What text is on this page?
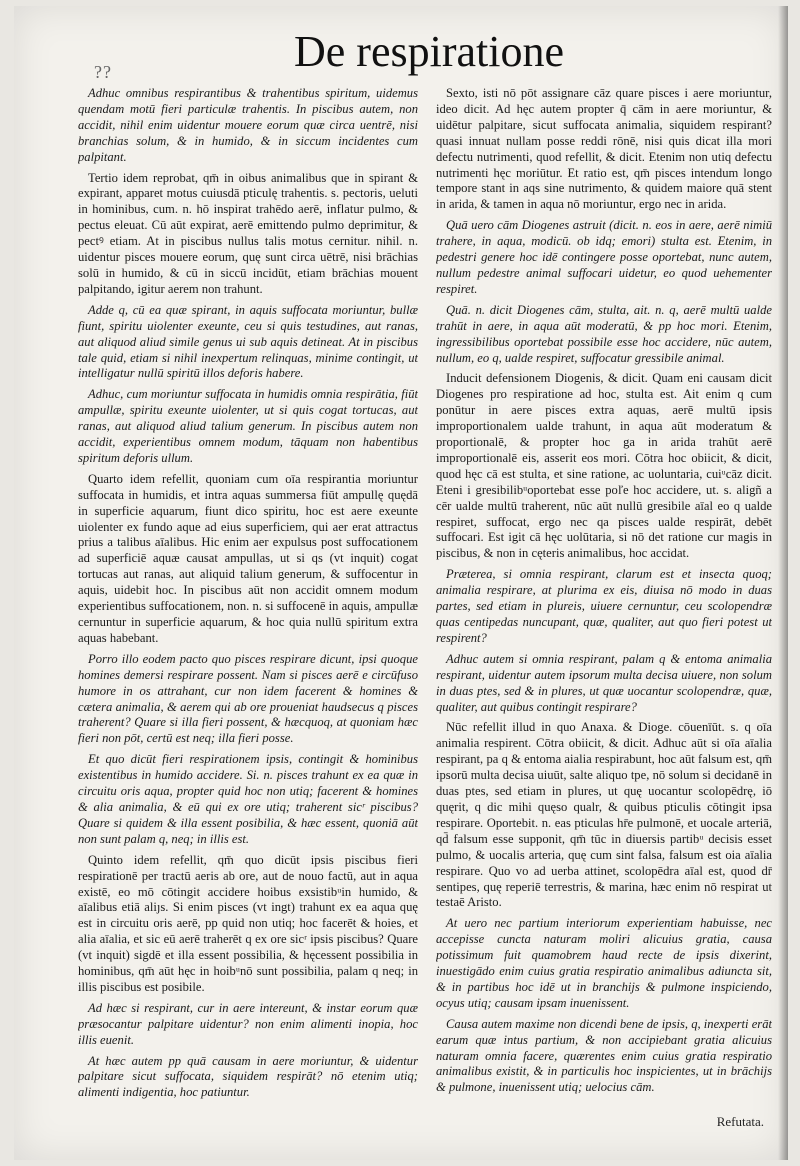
??	De respiratione

Adhuc omnibus respirantibus & trahentibus spiritum, uidemus quendam motū fieri particulæ trahentis. In piscibus autem, non accidit, nihil enim uidentur mouere eorum quæ circa uentrē, nisi branchias solum, & in humido, & in siccum incidentes cum palpitant.

Tertio idem reprobat, qm̄ in oibus animalibus que in spirant & expirant, apparet motus cuiusdā pticulę trahentis. s. pectoris, ueluti in hominibus, cum. n. hō inspirat trahēdo aerē, inflatur pulmo, & pectus eleuat. Cū aūt expirat, aerē emittendo pulmo deprimitur, & pectꝰ etiam. At in piscibus nullus talis motus cernitur. nihil. n. uidentur pisces mouere eorum, quę sunt circa uētrē, nisi brāchias solū in humido, & cū in siccū incidūt, etiam brāchias mouent palpitando, igitur aerem non trahunt.

Adde q, cū ea quæ spirant, in aquis suffocata moriuntur, bullæ fiunt, spiritu uiolenter exeunte, ceu si quis testudines, aut ranas, aut aliquod aliud simile genus ui sub aquis detineat. At in piscibus tale quid, etiam si nihil inexpertum relinquas, minime contingit, ut intelligatur nullū spiritū illos deforis habere.

Adhuc, cum moriuntur suffocata in humidis omnia respirātia, fiūt ampullæ, spiritu exeunte uiolenter, ut si quis cogat tortucas, aut ranas, aut aliquod aliud talium generum. In piscibus autem non accidit, experientibus omnem modum, tāquam non habentibus spiritum deforis ullum.

Quarto idem refellit, quoniam cum oīa respirantia moriuntur suffocata in humidis, et intra aquas summersa fiūt ampullę quędā in superficie aquarum, fiunt dico spiritu, hoc est aere exeunte uiolenter ex fundo aque ad eius superficiem, qui aer erat attractus prius a talibus aīalibus. Hic enim aer expulsus post suffocationem ad superficiē aquæ causat ampullas, ut si qs (vt inquit) cogat tortucas aut ranas, aut aliquid talium generum, & suffocentur in aquis, uidebit hoc. In piscibus aūt non accidit omnem modum experientibus suffocationem, non. n. si suffocenē in aquis, ampullæ cernuntur in superficie aquarum, & hoc quia nullū spiritum extra aquas habebant.

Porro illo eodem pacto quo pisces respirare dicunt, ipsi quoque homines demersi respirare possent. Nam si pisces aerē e circūfuso humore in os attrahant, cur non idem facerent & homines & cætera animalia, & aerem qui ab ore proueniat haudsecus q pisces traherent? Quare si illa fieri possent, & hæcquoq, at quoniam hæc fieri non pōt, certū est neq; illa fieri posse.

Et quo dicūt fieri respirationem ipsis, contingit & hominibus existentibus in humido accidere. Si. n. pisces trahunt ex ea quæ in circuitu oris aqua, propter quid hoc non utiq; facerent & homines & alia animalia, & eū qui ex ore utiq; traherent sicʳ piscibus? Quare si quidem & illa essent posibilia, & hæc essent, quoniā aūt non sunt palam q, neq; in illis est.

Quinto idem refellit, qm̄ quo dicūt ipsis piscibus fieri respirationē per tractū aeris ab ore, aut de nouo factū, aut in aqua existē, eo mō cōtingit accidere hoibus exsistibᵘin humido, & aīalibus etiā aliȷs. Si enim pisces (vt ingt) trahunt ex ea aqua quę est in circuitu oris aerē, pp quid non utiq; hoc facerēt & hoies, et alia aīalia, et sic eū aerē traherēt q ex ore sicʳ ipsis piscibus? Quare (vt inquit) sigdē et illa essent possibilia, & hęcessent possibilia in hominibus, qm̄ aūt hęc in hoibᵘnō sunt possibilia, palam q neq; in illis piscibus est posibile.

Ad hæc si respirant, cur in aere intereunt, & instar eorum quæ præsocantur palpitare uidentur? non enim alimenti inopia, hoc illis euenit.

At hæc autem pp quā causam in aere moriuntur, & uidentur palpitare sicut suffocata, siquidem respirāt? nō etenim utiq; alimenti indigentia, hoc patiuntur.

Sexto, isti nō pōt assignare cāz quare pisces i aere moriuntur, ideo dicit. Ad hęc autem propter q̄ cām in aere moriuntur, & uidētur palpitare, sicut suffocata animalia, siquidem respirant? quasi innuat nullam posse reddi rōnē, nisi quis dicat illa mori defectu nutrimenti, quod refellit, & dicit. Etenim non utiq defectu nutrimenti hęc moriūtur. Et ratio est, qm̄ pisces intendum longo tempore stant in aqs sine nutrimento, & quidem maiore quā stent in arida, & tamen in aqua nō moriuntur, ergo nec in arida.

Quā uero cām Diogenes astruit (dicit. n. eos in aere, aerē nimiū trahere, in aqua, modicū. ob idq; emori) stulta est. Etenim, in pedestri genere hoc idē contingere posse oportebat, nunc autem, nullum pedestre animal suffocari uidetur, eo quod uehementer respiret.

Quā. n. dicit Diogenes cām, stulta, ait. n. q, aerē multū ualde trahūt in aere, in aqua aūt moderatū, & pp hoc mori. Etenim, ingressibilibus oportebat possibile esse hoc accidere, nūc autem, nullum, eo q, ualde respiret, suffocatur gressibile animal.

Inducit defensionem Diogenis, & dicit. Quam eni causam dicit Diogenes pro respiratione ad hoc, stulta est. Ait enim q cum ponūtur in aere pisces extra aquas, aerē multū ipsis improportionalem ualde trahunt, in aqua aūt moderatum & proportionalē, & propter hoc ga in arida trahūt aerē improportionalē eis, asserit eos mori. Cōtra hoc obiicit, & dicit, quod hęc cā est stulta, et sine ratione, ac uoluntaria, cuiᵘcāz dicit. Eteni i gresibilibᵘoportebat esse poľe hoc accidere, ut. s. aligñ a cēr ualde multū traherent, nūc aūt nullū gresibile aīal eo q ualde respiret, suffocat, ergo nec qa pisces ualde respirāt, debēt suffocari. Est igit cā hęc uolūtaria, si nō det ratione cur magis in piscibus, & non in cęteris animalibus, hoc accidat.

Præterea, si omnia respirant, clarum est et insecta quoq; animalia respirare, at plurima ex eis, diuisa nō modo in duas partes, sed etiam in plureis, uiuere cernuntur, ceu scolopendræ quas centipedas nuncupant, quæ, qualiter, aut quo fieri potest ut respirent?

Adhuc autem si omnia respirant, palam q & entoma animalia respirant, uidentur autem ipsorum multa decisa uiuere, non solum in duas ptes, sed & in plures, ut quæ uocantur scolopendræ, quæ, qualiter, aut quibus contingit respirare?

Nūc refellit illud in quo Anaxa. & Dioge. cōuenīūt. s. q oīa animalia respirent. Cōtra obiicit, & dicit. Adhuc aūt si oīa aīalia respirant, pa q & entoma aialia respirabunt, hoc aūt falsum est, qm̄ ipsorū multa decisa uiuūt, salte aliquo tpe, nō solum si decidanē in duas ptes, sed etiam in plures, ut quę uocantur scolopēdrę, iō quęrit, q dic mihi quęso qualr, & quibus pticulis cōtingit ipsa respirare. Oportebit. n. eas pticulas hr̄e pulmonē, et uocale arteriā, qd̄ falsum esse supponit, qm̄ tūc in diuersis partibᵘ decisis esset pulmo, & uocalis arteria, quę cum sint falsa, falsum est oia aīalia respirare. Quo vo ad uerba attinet, scolopēdra aīal est, quod dr̄ sentipes, quę reperiē terrestris, & marina, hæc enim nō respirat ut testaē Aristo.

At uero nec partium interiorum experientiam habuisse, nec accepisse cuncta naturam moliri alicuius gratia, causa potissimum fuit quamobrem haud recte de ipsis dixerint, inuestigādo enim cuius gratia respiratio animalibus adiuncta sit, & in partibus hoc idē ut in branchijs & pulmone inspiciendo, ocyus utiq; causam ipsam inuenissent.

Causa autem maxime non dicendi bene de ipsis, q, inexperti erāt earum quæ intus partium, & non accipiebant gratia alicuius naturam omnia facere, quærentes enim cuius gratia respiratio animalibus existit, & in particulis hoc inspicientes, ut in brāchijs & pulmone, inuenissent utiq; uelocius cām.

Refutata.
